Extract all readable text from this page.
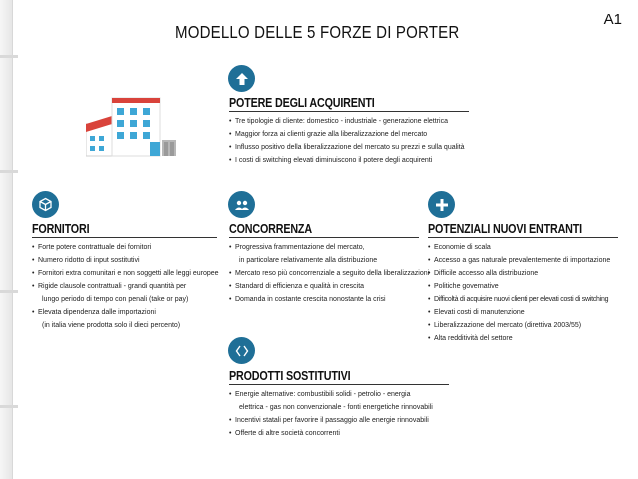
A1
MODELLO DELLE 5 FORZE DI PORTER
POTERE DEGLI ACQUIRENTI
• Tre tipologie di cliente: domestico - industriale - generazione elettrica
• Maggior forza ai clienti grazie alla liberalizzazione del mercato
• Influsso positivo della liberalizzazione del mercato su prezzi e sulla qualità
• I costi di switching elevati diminuiscono il potere degli acquirenti
FORNITORI
• Forte potere contrattuale dei fornitori
• Numero ridotto di input sostitutivi
• Fornitori extra comunitari e non soggetti alle leggi europee
• Rigide clausole contrattuali - grandi quantità per
lungo periodo di tempo con penali (take or pay)
• Elevata dipendenza dalle importazioni
(in italia viene prodotta solo il dieci percento)
CONCORRENZA
• Progressiva frammentazione del mercato,
in particolare relativamente alla distribuzione
• Mercato reso più concorrenziale a seguito della liberalizzazioni
• Standard di efficienza e qualità in crescita
• Domanda in costante crescita nonostante la crisi
POTENZIALI NUOVI ENTRANTI
• Economie di scala
• Accesso a gas naturale prevalentemente di importazione
• Difficile accesso alla distribuzione
• Politiche governative
• Difficoltà di acquisire nuovi clienti per elevati costi di switching
• Elevati costi di manutenzione
• Liberalizzazione del mercato (direttiva 2003/55)
• Alta redditività del settore
PRODOTTI SOSTITUTIVI
• Energie alternative: combustibili solidi - petrolio - energia
elettrica - gas non convenzionale - fonti energetiche rinnovabili
• Incentivi statali per favorire il passaggio alle energie rinnovabili
• Offerte di altre società concorrenti
